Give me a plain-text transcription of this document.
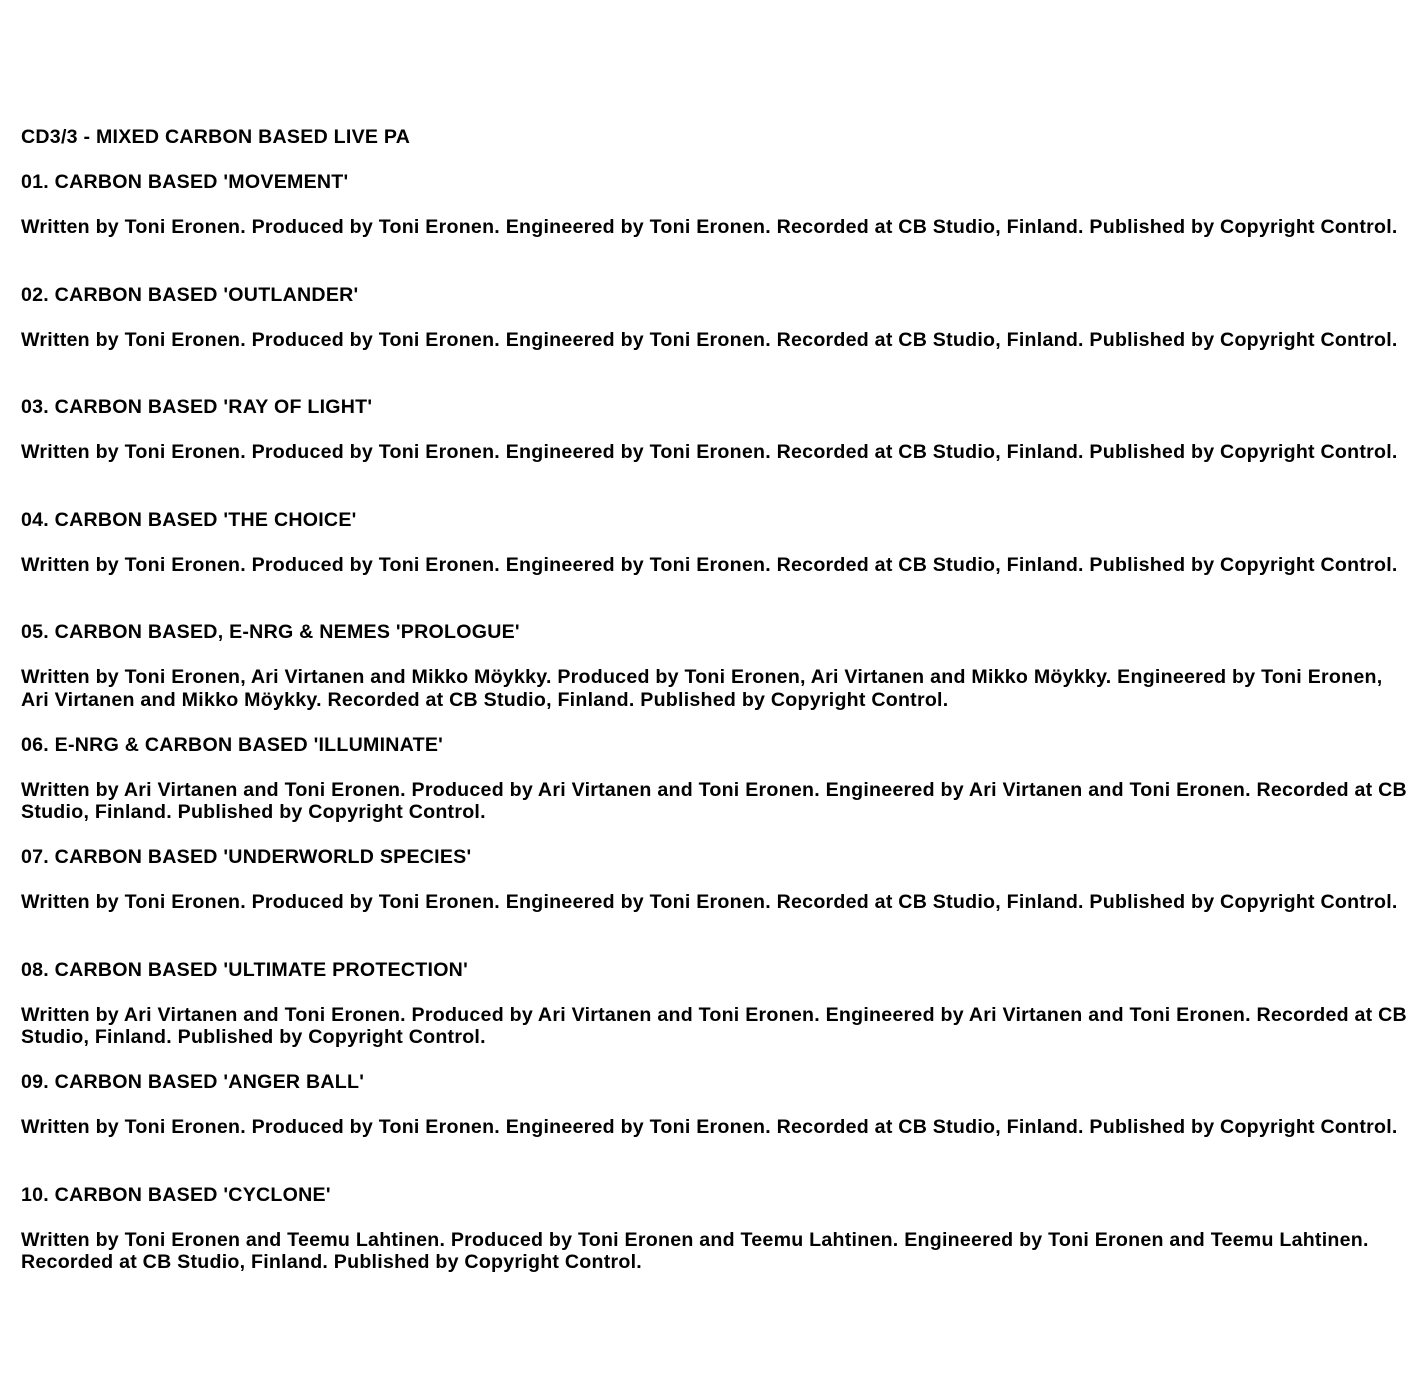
CD3/3 - MIXED CARBON BASED LIVE PA
01. CARBON BASED 'MOVEMENT'
Written by Toni Eronen. Produced by Toni Eronen. Engineered by Toni Eronen. Recorded at CB Studio, Finland. Published by Copyright Control.
02. CARBON BASED 'OUTLANDER'
Written by Toni Eronen. Produced by Toni Eronen. Engineered by Toni Eronen. Recorded at CB Studio, Finland. Published by Copyright Control.
03. CARBON BASED 'RAY OF LIGHT'
Written by Toni Eronen. Produced by Toni Eronen. Engineered by Toni Eronen. Recorded at CB Studio, Finland. Published by Copyright Control.
04. CARBON BASED 'THE CHOICE'
Written by Toni Eronen. Produced by Toni Eronen. Engineered by Toni Eronen. Recorded at CB Studio, Finland. Published by Copyright Control.
05. CARBON BASED, E-NRG & NEMES 'PROLOGUE'
Written by Toni Eronen, Ari Virtanen and Mikko Möykky. Produced by Toni Eronen, Ari Virtanen and Mikko Möykky. Engineered by Toni Eronen, Ari Virtanen and Mikko Möykky. Recorded at CB Studio, Finland. Published by Copyright Control.
06. E-NRG & CARBON BASED 'ILLUMINATE'
Written by Ari Virtanen and Toni Eronen. Produced by Ari Virtanen and Toni Eronen. Engineered by Ari Virtanen and Toni Eronen. Recorded at CB Studio, Finland. Published by Copyright Control.
07. CARBON BASED 'UNDERWORLD SPECIES'
Written by Toni Eronen. Produced by Toni Eronen. Engineered by Toni Eronen. Recorded at CB Studio, Finland. Published by Copyright Control.
08. CARBON BASED 'ULTIMATE PROTECTION'
Written by Ari Virtanen and Toni Eronen. Produced by Ari Virtanen and Toni Eronen. Engineered by Ari Virtanen and Toni Eronen. Recorded at CB Studio, Finland. Published by Copyright Control.
09. CARBON BASED 'ANGER BALL'
Written by Toni Eronen. Produced by Toni Eronen. Engineered by Toni Eronen. Recorded at CB Studio, Finland. Published by Copyright Control.
10. CARBON BASED 'CYCLONE'
Written by Toni Eronen and Teemu Lahtinen. Produced by Toni Eronen and Teemu Lahtinen. Engineered by Toni Eronen and Teemu Lahtinen. Recorded at CB Studio, Finland. Published by Copyright Control.
